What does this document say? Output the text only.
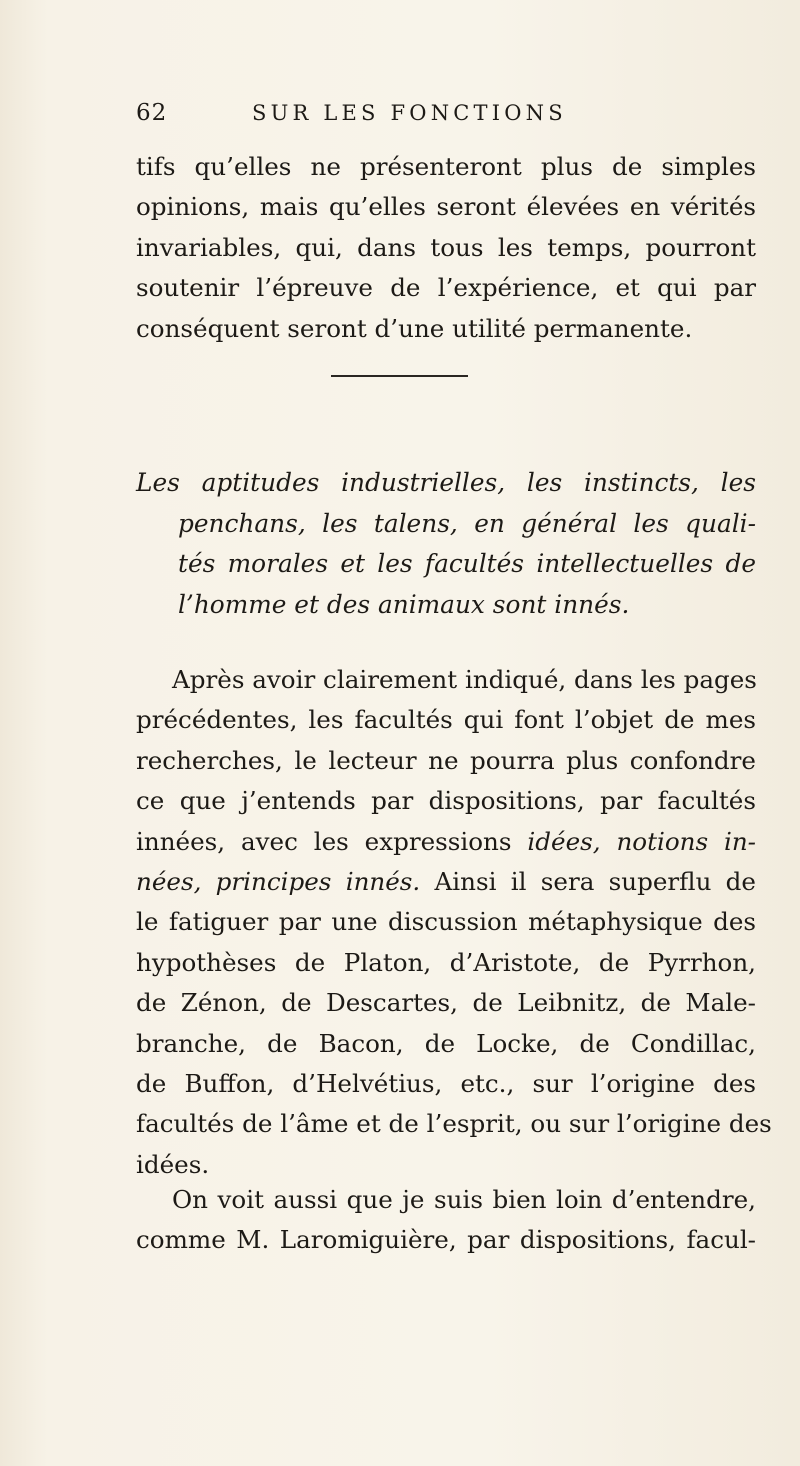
62	SUR LES FONCTIONS
tifs qu’elles ne présenteront plus de simples
opinions, mais qu’elles seront élevées en vérités
invariables, qui, dans tous les temps, pourront
soutenir l’épreuve de l’expérience, et qui par
conséquent seront d’une utilité permanente.
Les aptitudes industrielles, les instincts, les
penchans, les talens, en général les quali-
tés morales et les facultés intellectuelles de
l’homme et des animaux sont innés.
Après avoir clairement indiqué, dans les pages
précédentes, les facultés qui font l’objet de mes
recherches, le lecteur ne pourra plus confondre
ce que j’entends par dispositions, par facultés
innées, avec les expressions idées, notions in-
nées, principes innés. Ainsi il sera superflu de
le fatiguer par une discussion métaphysique des
hypothèses de Platon, d’Aristote, de Pyrrhon,
de Zénon, de Descartes, de Leibnitz, de Male-
branche, de Bacon, de Locke, de Condillac,
de Buffon, d’Helvétius, etc., sur l’origine des
facultés de l’âme et de l’esprit, ou sur l’origine des
idées.
On voit aussi que je suis bien loin d’entendre,
comme M. Laromiguière, par dispositions, facul-
